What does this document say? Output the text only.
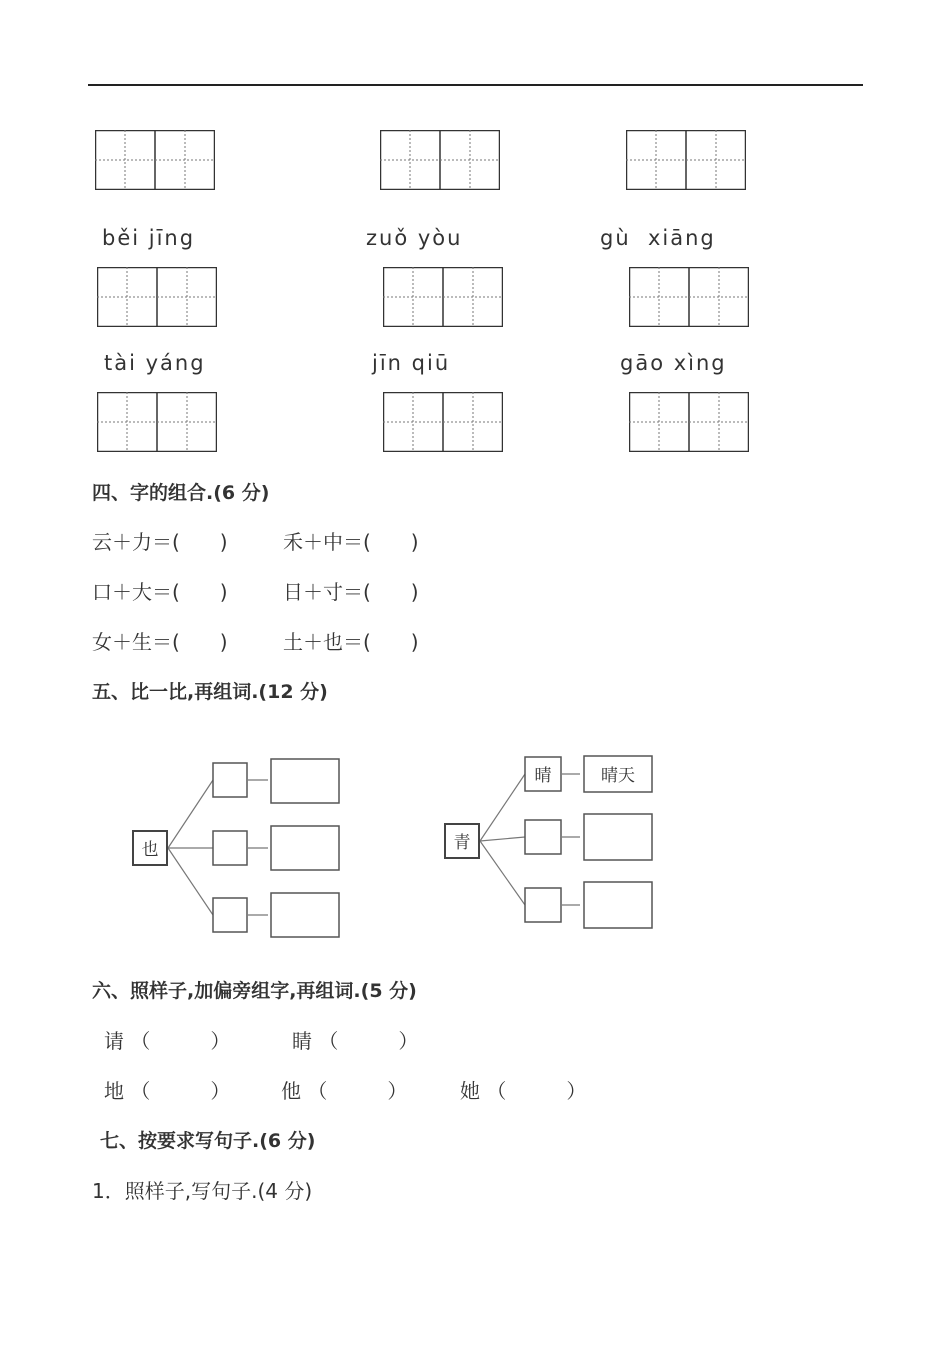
běi jīng	zuǒ yòu	gù  xiāng
tài yáng	jīn qiū	gāo xìng
四、字的组合.(6 分)
云＋力＝(　　)	禾＋中＝(　　)
口＋大＝(　　)	日＋寸＝(　　)
女＋生＝(　　)	土＋也＝(　　)
五、比一比,再组词.(12 分)
也	青
晴	晴天
六、照样子,加偏旁组字,再组词.(5 分)
请 （　　　）	睛 （　　　）
地 （　　　）	他 （　　　）	她 （　　　）
七、按要求写句子.(6 分)
1．照样子,写句子.(4 分)
